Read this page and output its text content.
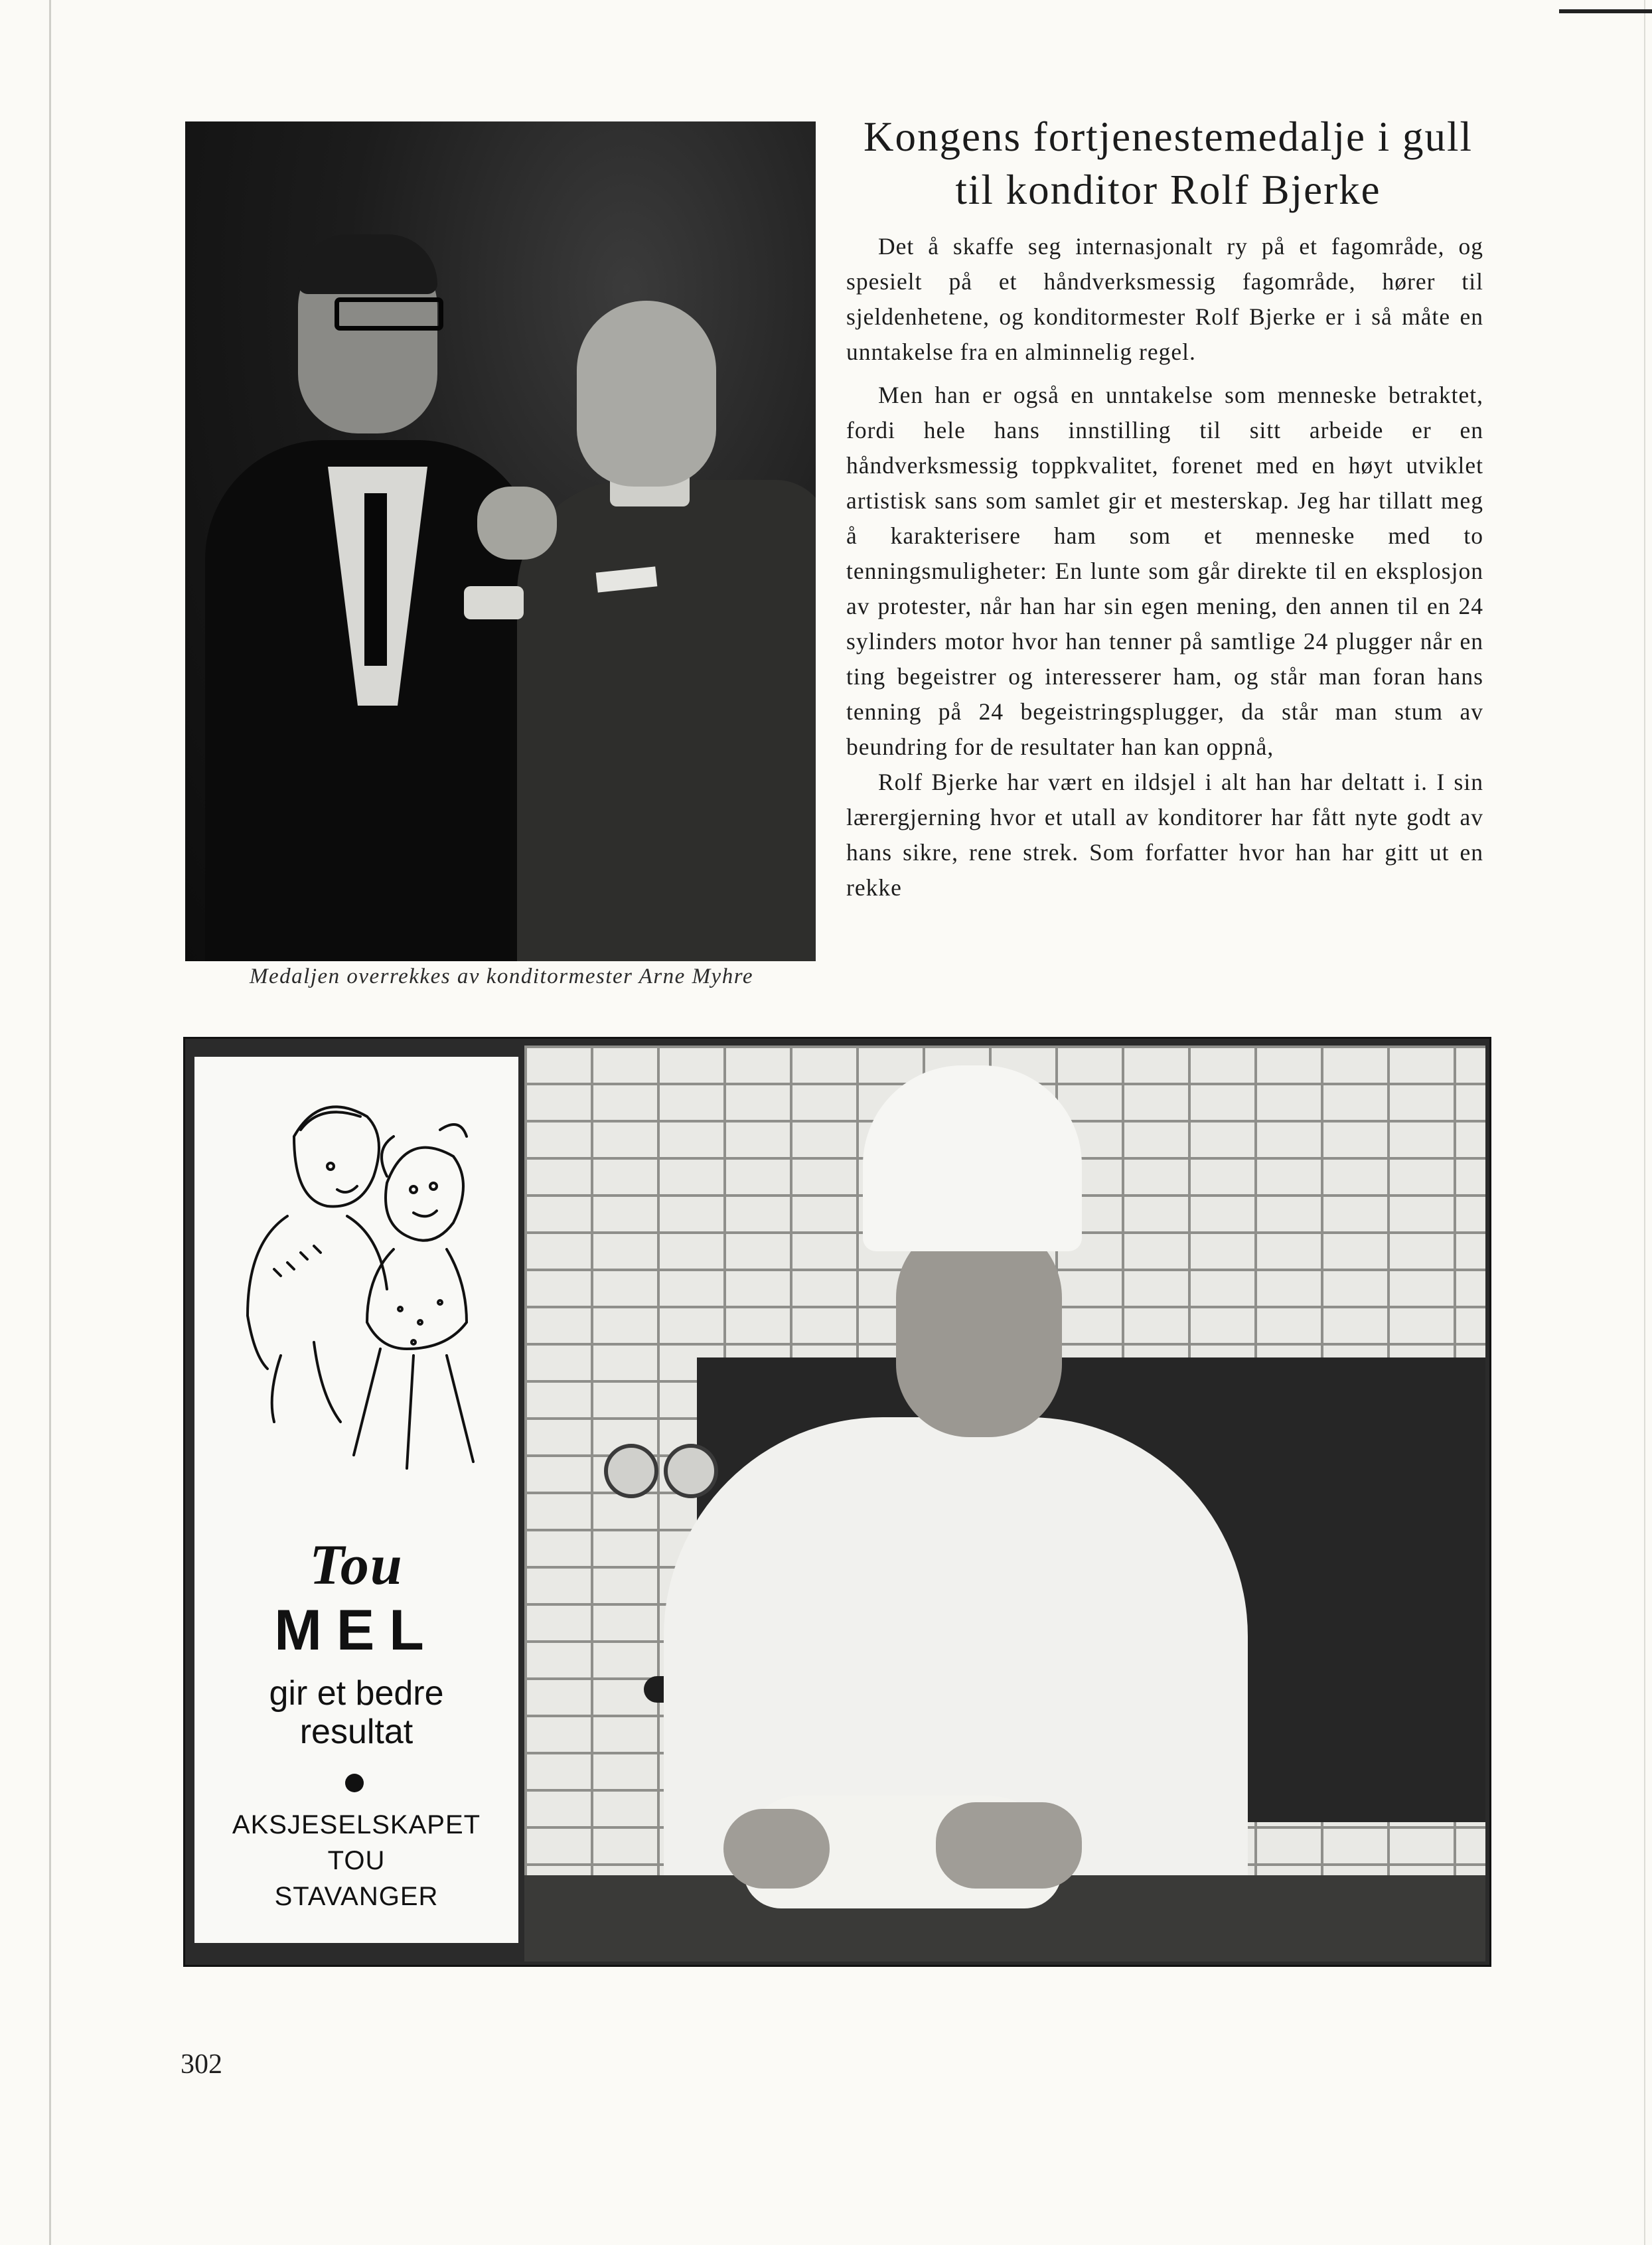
Medaljen overrekkes av konditormester Arne Myhre
Kongens fortjenestemedalje i gull
til konditor Rolf Bjerke

Det å skaffe seg internasjonalt ry på et fagområde, og spesielt på et håndverksmessig fagområde, hører til sjeldenhetene, og konditormester Rolf Bjerke er i så måte en unntakelse fra en alminnelig regel.

Men han er også en unntakelse som menneske betraktet, fordi hele hans innstilling til sitt arbeide er en håndverksmessig toppkvalitet, forenet med en høyt utviklet artistisk sans som samlet gir et mesterskap. Jeg har tillatt meg å karakterisere ham som et menneske med to tenningsmuligheter: En lunte som går direkte til en eksplosjon av protester, når han har sin egen mening, den annen til en 24 sylinders motor hvor han tenner på samtlige 24 plugger når en ting begeistrer og interesserer ham, og står man foran hans tenning på 24 begeistringsplugger, da står man stum av beundring for de resultater han kan oppnå,

Rolf Bjerke har vært en ildsjel i alt han har deltatt i. I sin lærergjerning hvor et utall av konditorer har fått nyte godt av hans sikre, rene strek. Som forfatter hvor han har gitt ut en rekke

Tou
MEL
gir et bedre
resultat
AKSJESELSKAPET
TOU
STAVANGER
302
